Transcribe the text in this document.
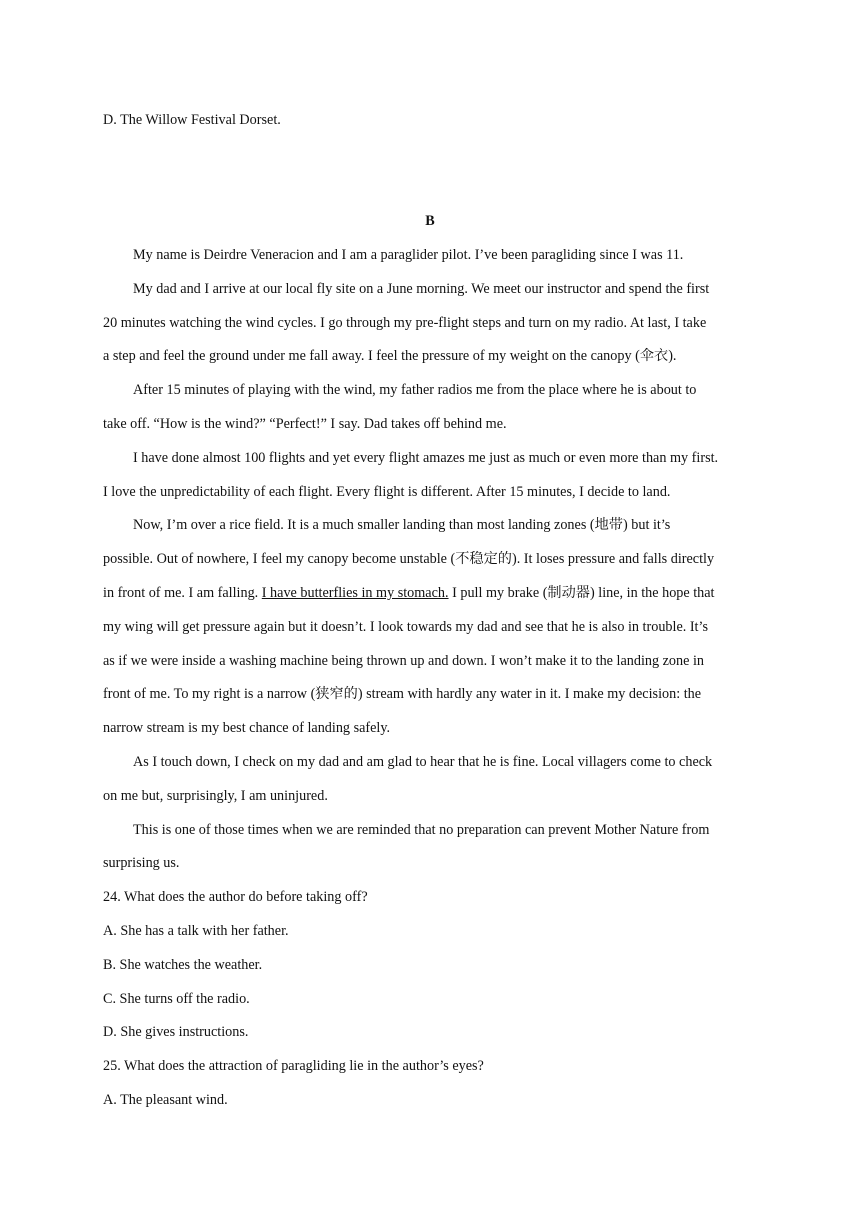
D. The Willow Festival Dorset.
B
My name is Deirdre Veneracion and I am a paraglider pilot. I’ve been paragliding since I was 11.
My dad and I arrive at our local fly site on a June morning. We meet our instructor and spend the first
20 minutes watching the wind cycles. I go through my pre-flight steps and turn on my radio. At last, I take
a step and feel the ground under me fall away. I feel the pressure of my weight on the canopy (伞衣).
After 15 minutes of playing with the wind, my father radios me from the place where he is about to
take off. “How is the wind?” “Perfect!” I say. Dad takes off behind me.
I have done almost 100 flights and yet every flight amazes me just as much or even more than my first.
I love the unpredictability of each flight. Every flight is different. After 15 minutes, I decide to land.
Now, I’m over a rice field. It is a much smaller landing than most landing zones (地带) but it’s
possible. Out of nowhere, I feel my canopy become unstable (不稳定的). It loses pressure and falls directly
in front of me. I am falling. I have butterflies in my stomach. I pull my brake (制动器) line, in the hope that
my wing will get pressure again but it doesn’t. I look towards my dad and see that he is also in trouble. It’s
as if we were inside a washing machine being thrown up and down. I won’t make it to the landing zone in
front of me. To my right is a narrow (狭窄的) stream with hardly any water in it. I make my decision: the
narrow stream is my best chance of landing safely.
As I touch down, I check on my dad and am glad to hear that he is fine. Local villagers come to check
on me but, surprisingly, I am uninjured.
This is one of those times when we are reminded that no preparation can prevent Mother Nature from
surprising us.
24. What does the author do before taking off?
A. She has a talk with her father.
B. She watches the weather.
C. She turns off the radio.
D. She gives instructions.
25. What does the attraction of paragliding lie in the author’s eyes?
A. The pleasant wind.
